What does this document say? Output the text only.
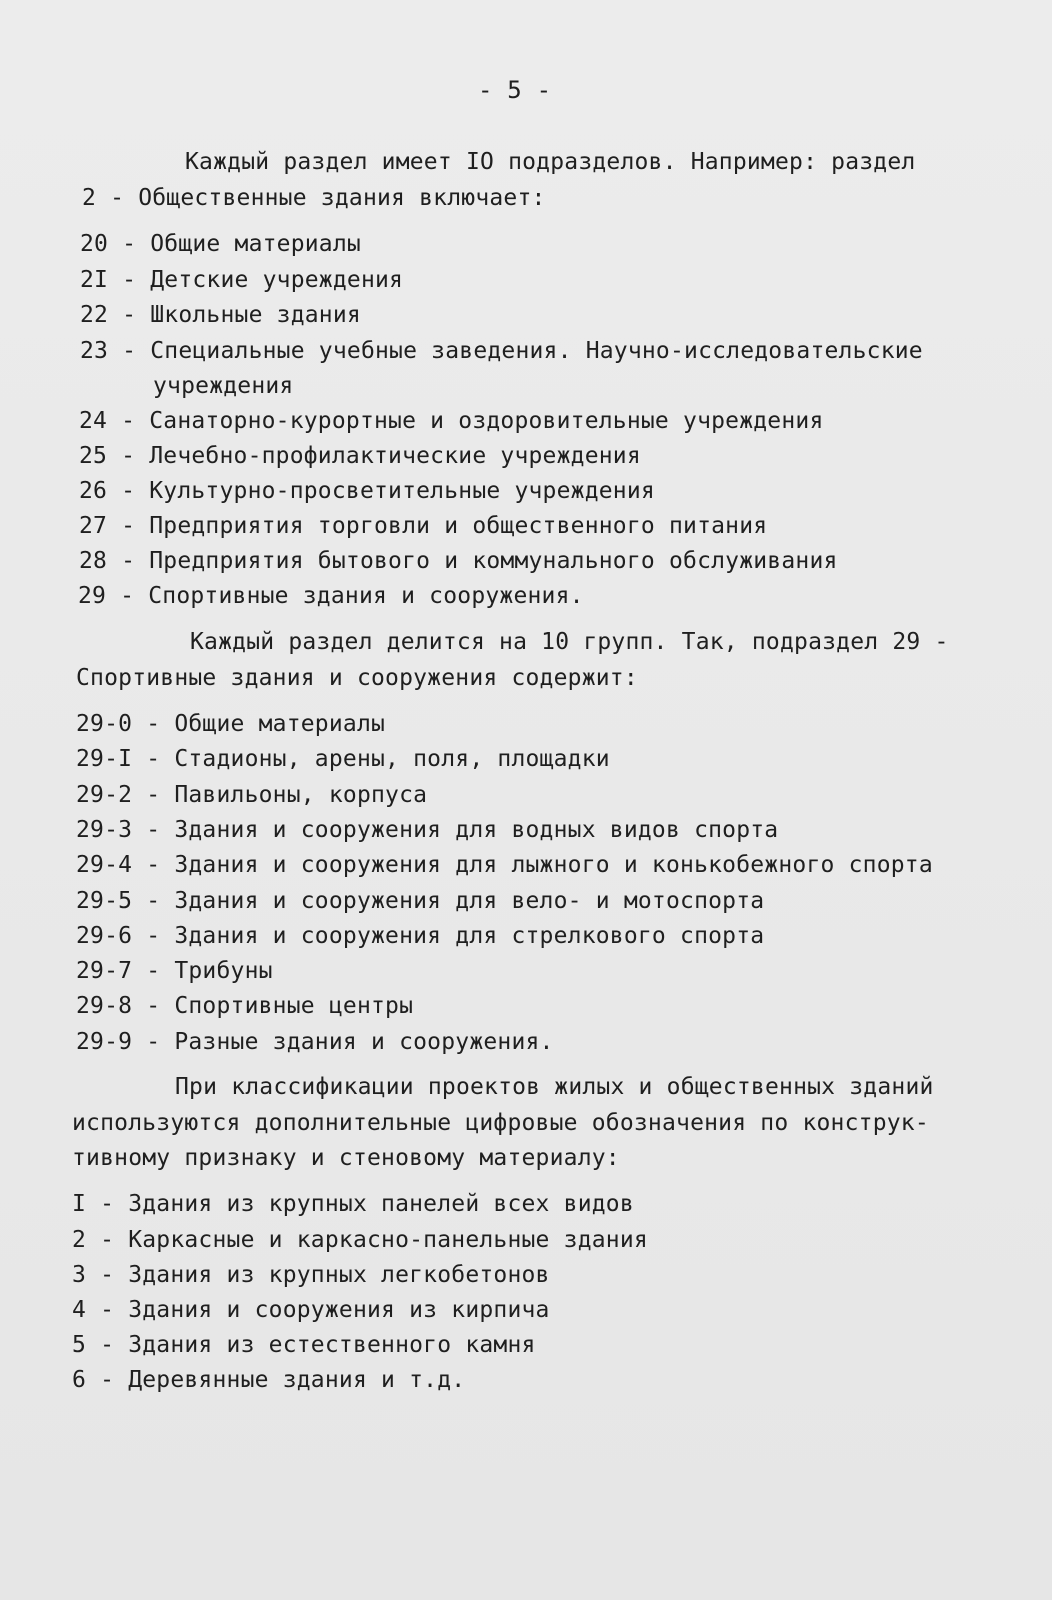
- 5 -
Каждый раздел имеет IO подразделов. Например: раздел
2 - Общественные здания включает:
20 - Общие материалы
2I - Детские учреждения
22 - Школьные здания
23 - Специальные учебные заведения. Научно-исследовательские
учреждения
24 - Санаторно-курортные и оздоровительные учреждения
25 - Лечебно-профилактические учреждения
26 - Культурно-просветительные учреждения
27 - Предприятия торговли и общественного питания
28 - Предприятия бытового и коммунального обслуживания
29 - Спортивные здания и сооружения.
Каждый раздел делится на 10 групп. Так, подраздел 29 -
Спортивные здания и сооружения содержит:
29-0 - Общие материалы
29-I - Стадионы, арены, поля, площадки
29-2 - Павильоны, корпуса
29-3 - Здания и сооружения для водных видов спорта
29-4 - Здания и сооружения для лыжного и конькобежного спорта
29-5 - Здания и сооружения для вело- и мотоспорта
29-6 - Здания и сооружения для стрелкового спорта
29-7 - Трибуны
29-8 - Спортивные центры
29-9 - Разные здания и сооружения.
При классификации проектов жилых и общественных зданий
используются дополнительные цифровые обозначения по конструк-
тивному признаку и стеновому материалу:
I - Здания из крупных панелей всех видов
2 - Каркасные и каркасно-панельные здания
3 - Здания из крупных легкобетонов
4 - Здания и сооружения из кирпича
5 - Здания из естественного камня
6 - Деревянные здания и т.д.
